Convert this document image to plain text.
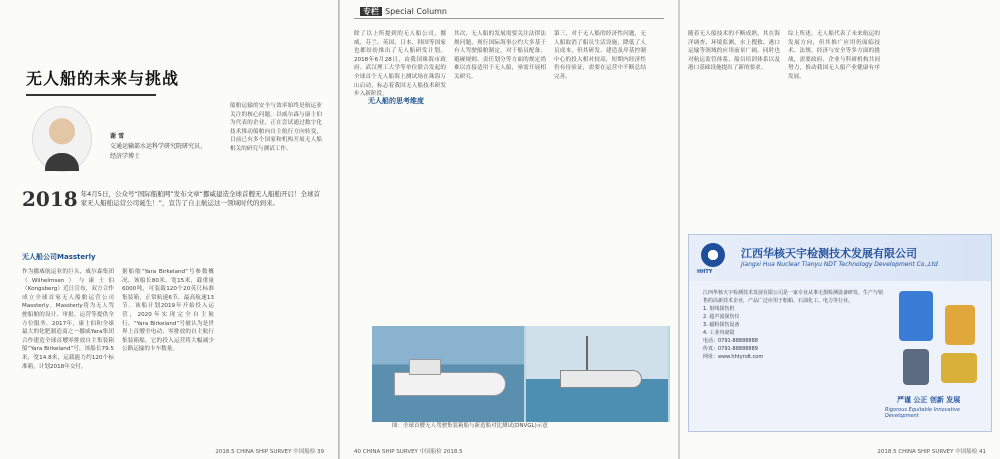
无人船的未来与挑战
谢 雪
交通运输部水运科学研究院研究员、
经济学博士
2018 年4月5日，公众号“国际船舶网”发布文章“挪威建造全球首艘无人船舶开启！全球首家无人船舶运营公司诞生！”，宣告了自主航运这一领域时代的到来。
无人船公司Massterly

作为挪威航运业的巨头，威尔森集团（Wilhelmsen）与康士伯（Kongsberg）近日宣布，双方合作成立全球首家无人船舶运营公司Massterly。Massterly将为无人驾驶船舶的设计、审批、运营等提供全方位服务。2017年，康士伯和全球最大的化肥制造商之一挪威Yara集团合作建造全球首艘零排放自主集装箱船“Yara Birkeland”号，该船长79.5米，宽14.8米，运载能力约120个标准箱，计划2018年交付。

据船舶“Yara Birkeland”号参数概况，该船长80米，宽15米，载重量6000吨，可装载120个20英尺标准集装箱，正常航速6节，最高航速13节。该船计划2019年开始投入运营，2020年实现完全自主航行。“Yara Birkeland”号被认为是世界上首艘全电动、零排放的自主航行集装箱船，它的投入运营将大幅减少公路运输的卡车数量。

船舶运输的安全与效率始终是航运业关注的核心问题。以威尔森与康士伯为代表的企业，正在尝试通过数字化技术推动船舶向自主航行方向转变，目前已有多个国家和机构开展无人船相关的研究与测试工作。

2018.5 CHINA SHIP SURVEY 中国船检 39
专栏 Special Column

除了以上所提到的无人船公司，挪威、芬兰、英国、日本、韩国等国家也都纷纷推出了无人船研发计划。2018年6月28日，由我国珠海市政府、武汉理工大学等单位联合发起的全球首个无人船海上测试场在珠海万山启动，标志着我国无人船技术研发步入新阶段。

无人船的思考维度

其次，无人船的发展需要关注法律法规问题，现行国际海事公约大多基于有人驾驶船舶制定，对于船员配备、避碰规则、责任划分等方面的规定尚难以直接适用于无人船，亟需开展相关研究。

第三，对于无人船的经济性问题，无人船取消了船员生活设施，降低了人员成本，但其研发、建造及岸基控制中心的投入相对较高，短期内经济性仍有待验证，需要在运营中不断总结完善。

40 CHINA SHIP SURVEY 中国船检 2018.5
图：全球首艘无人驾驶集装箱船与新造船对比测试(DNVGL)示意

随着无人船技术的不断成熟，其在海洋调查、环境监测、水上搜救、港口运输等领域的应用前景广阔，同时也对航运监管体系、船员培训体系以及港口基础设施提出了新的要求。

综上所述，无人船代表了未来航运的发展方向，但其推广应用仍面临技术、法规、经济与安全等多方面的挑战，需要政府、企业与科研机构共同努力，推动我国无人船产业健康有序发展。

HHTY
江西华核天宇检测技术发展有限公司
Jiangxi Hua Nuclear Tianyu NDT Technology Development Co.,Ltd
江西华核天宇检测技术发展有限公司是一家专业从事无损检测设备研发、生产与销售的高新技术企业，产品广泛应用于船舶、石油化工、电力等行业。
1. 射线探伤机
2. 超声波探伤仪
3. 磁粉探伤设备
4. 工业内窥镜
电话：0791-88888888
传真：0791-88888889
网址：www.hhtyndt.com
严谨 公正 创新 发展
Rigorous Equitable Innovative Development
2018.5 CHINA SHIP SURVEY 中国船检 41
